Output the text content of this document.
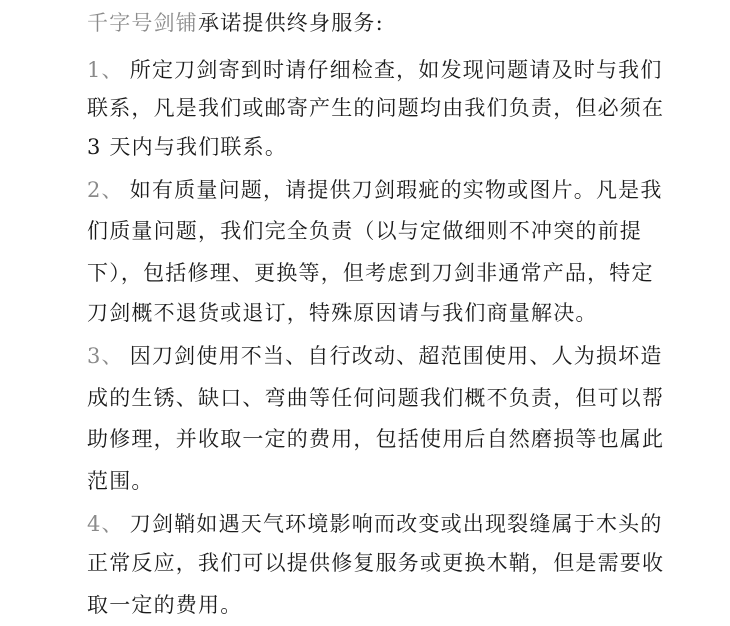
千字号剑铺承诺提供终身服务:
1、 所定刀剑寄到时请仔细检查，如发现问题请及时与我们
联系，凡是我们或邮寄产生的问题均由我们负责，但必须在
3 天内与我们联系。
2、 如有质量问题，请提供刀剑瑕疵的实物或图片。凡是我
们质量问题，我们完全负责（以与定做细则不冲突的前提
下），包括修理、更换等，但考虑到刀剑非通常产品，特定
刀剑概不退货或退订，特殊原因请与我们商量解决。
3、 因刀剑使用不当、自行改动、超范围使用、人为损坏造
成的生锈、缺口、弯曲等任何问题我们概不负责，但可以帮
助修理，并收取一定的费用，包括使用后自然磨损等也属此
范围。
4、 刀剑鞘如遇天气环境影响而改变或出现裂缝属于木头的
正常反应，我们可以提供修复服务或更换木鞘，但是需要收
取一定的费用。
